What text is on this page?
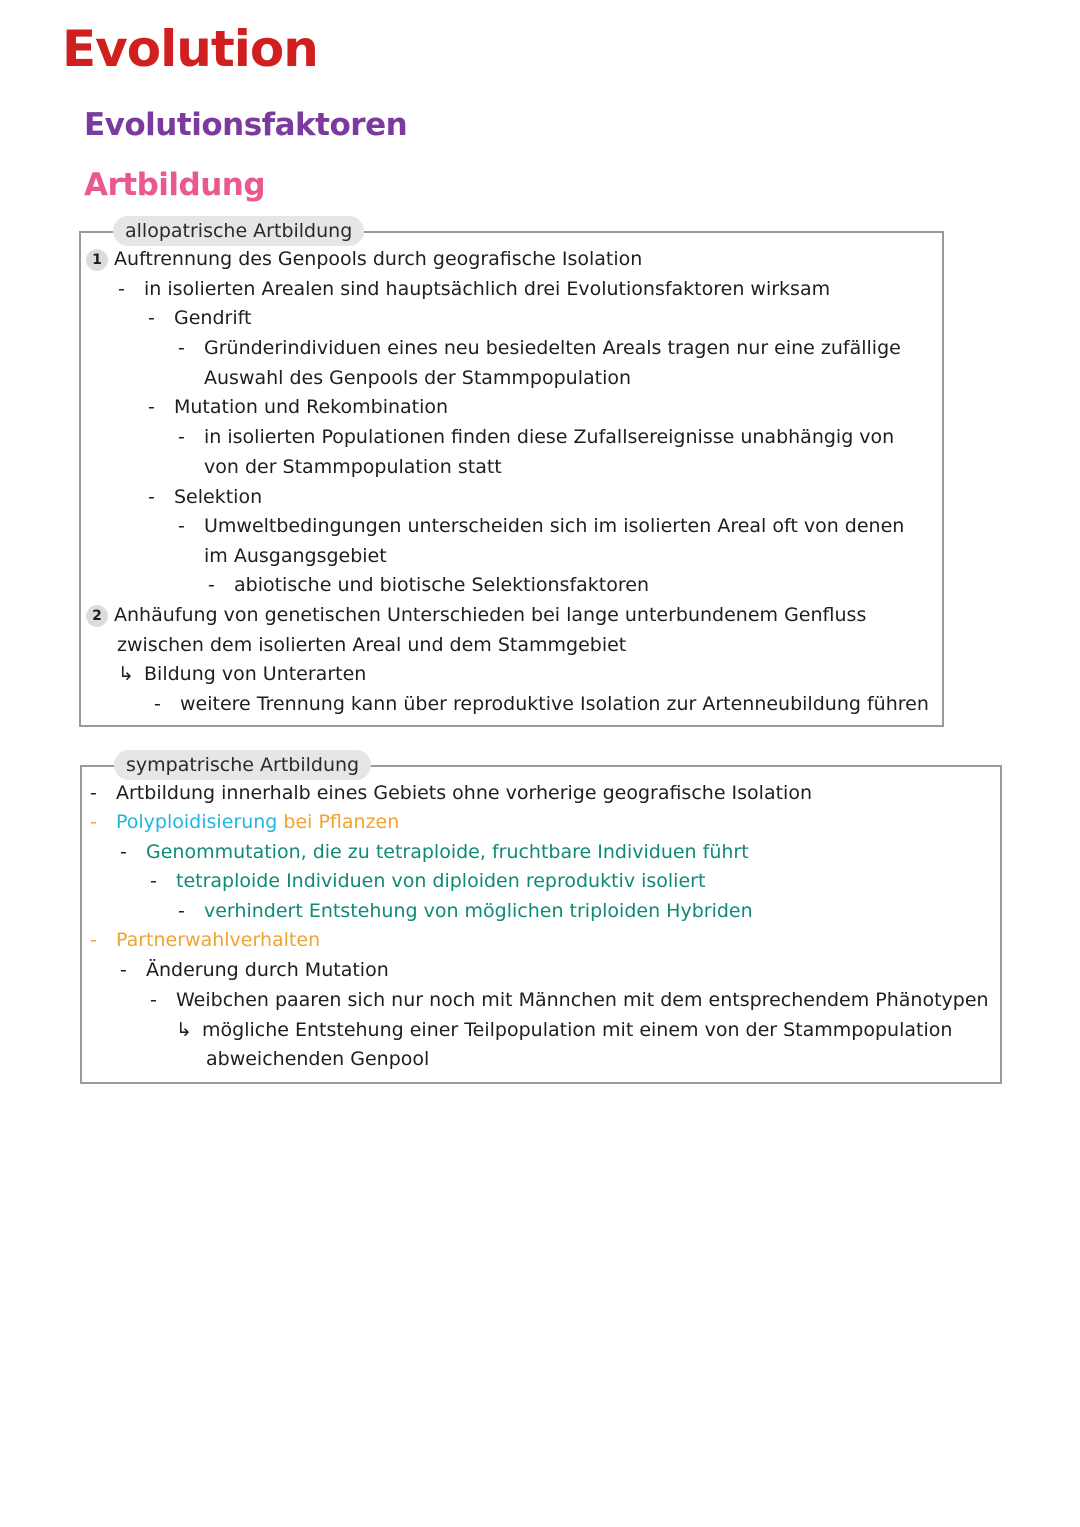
Evolution
Evolutionsfaktoren
Artbildung
allopatrische Artbildung
1 Auftrennung des Genpools durch geografische Isolation
- in isolierten Arealen sind hauptsächlich drei Evolutionsfaktoren wirksam
- Gendrift
- Gründerindividuen eines neu besiedelten Areals tragen nur eine zufällige
Auswahl des Genpools der Stammpopulation
- Mutation und Rekombination
- in isolierten Populationen finden diese Zufallsereignisse unabhängig von
von der Stammpopulation statt
- Selektion
- Umweltbedingungen unterscheiden sich im isolierten Areal oft von denen
im Ausgangsgebiet
- abiotische und biotische Selektionsfaktoren
2 Anhäufung von genetischen Unterschieden bei lange unterbundenem Genfluss
zwischen dem isolierten Areal und dem Stammgebiet
↳ Bildung von Unterarten
- weitere Trennung kann über reproduktive Isolation zur Artenneubildung führen
sympatrische Artbildung
- Artbildung innerhalb eines Gebiets ohne vorherige geografische Isolation
- Polyploidisierung bei Pflanzen
- Genommutation, die zu tetraploide, fruchtbare Individuen führt
- tetraploide Individuen von diploiden reproduktiv isoliert
- verhindert Entstehung von möglichen triploiden Hybriden
- Partnerwahlverhalten
- Änderung durch Mutation
- Weibchen paaren sich nur noch mit Männchen mit dem entsprechendem Phänotypen
↳ mögliche Entstehung einer Teilpopulation mit einem von der Stammpopulation
abweichenden Genpool
